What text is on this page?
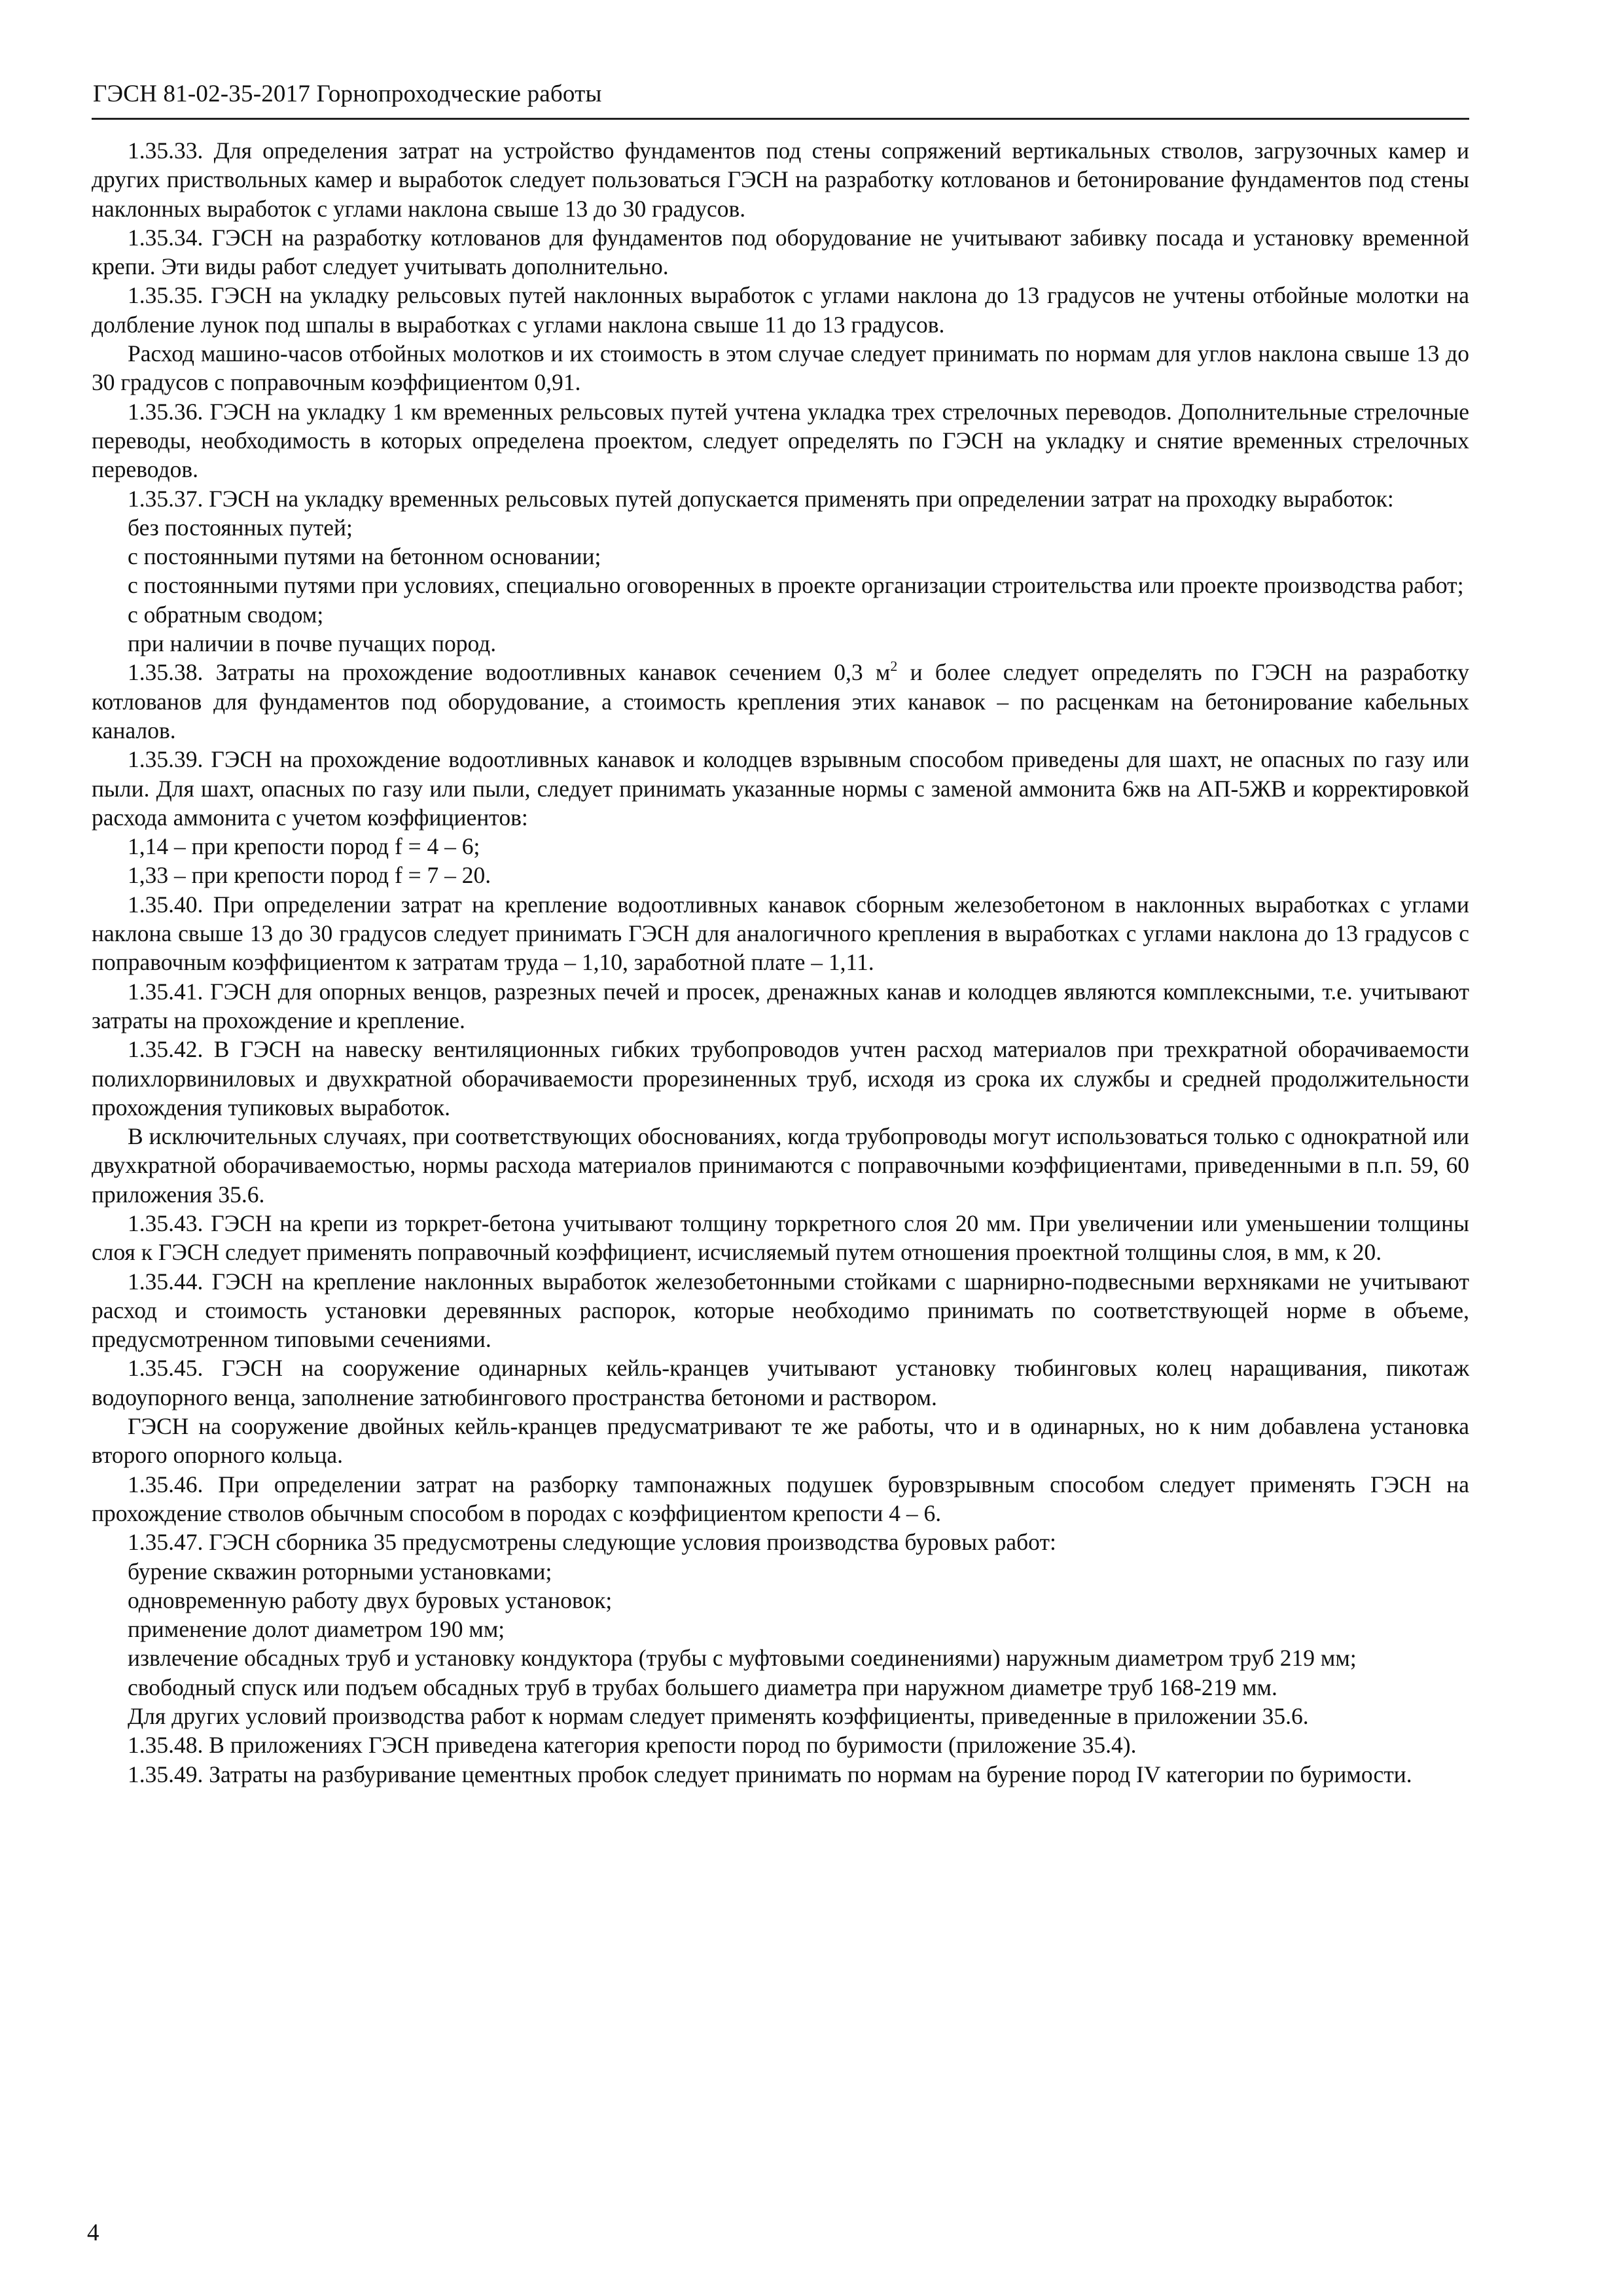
ГЭСН 81-02-35-2017 Горнопроходческие работы

1.35.33. Для определения затрат на устройство фундаментов под стены сопряжений вертикальных стволов, загрузочных камер и других приствольных камер и выработок следует пользоваться ГЭСН на разработку котлованов и бетонирование фундаментов под стены наклонных выработок с углами наклона свыше 13 до 30 градусов.

1.35.34. ГЭСН на разработку котлованов для фундаментов под оборудование не учитывают забивку посада и установку временной крепи. Эти виды работ следует учитывать дополнительно.

1.35.35. ГЭСН на укладку рельсовых путей наклонных выработок с углами наклона до 13 градусов не учтены отбойные молотки на долбление лунок под шпалы в выработках с углами наклона свыше 11 до 13 градусов.

Расход машино-часов отбойных молотков и их стоимость в этом случае следует принимать по нормам для углов наклона свыше 13 до 30 градусов с поправочным коэффициентом 0,91.

1.35.36. ГЭСН на укладку 1 км временных рельсовых путей учтена укладка трех стрелочных переводов. Дополнительные стрелочные переводы, необходимость в которых определена проектом, следует определять по ГЭСН на укладку и снятие временных стрелочных переводов.

1.35.37. ГЭСН на укладку временных рельсовых путей допускается применять при определении затрат на проходку выработок:

без постоянных путей;

с постоянными путями на бетонном основании;

с постоянными путями при условиях, специально оговоренных в проекте организации строительства или проекте производства работ;

с обратным сводом;

при наличии в почве пучащих пород.

1.35.38. Затраты на прохождение водоотливных канавок сечением 0,3 $м^2$ и более следует определять по ГЭСН на разработку котлованов для фундаментов под оборудование, а стоимость крепления этих канавок – по расценкам на бетонирование кабельных каналов.

1.35.39. ГЭСН на прохождение водоотливных канавок и колодцев взрывным способом приведены для шахт, не опасных по газу или пыли. Для шахт, опасных по газу или пыли, следует принимать указанные нормы с заменой аммонита 6жв на АП-5ЖВ и корректировкой расхода аммонита с учетом коэффициентов:

1,14 – при крепости пород f = 4 – 6;

1,33 – при крепости пород f = 7 – 20.

1.35.40. При определении затрат на крепление водоотливных канавок сборным железобетоном в наклонных выработках с углами наклона свыше 13 до 30 градусов следует принимать ГЭСН для аналогичного крепления в выработках с углами наклона до 13 градусов с поправочным коэффициентом к затратам труда – 1,10, заработной плате – 1,11.

1.35.41. ГЭСН для опорных венцов, разрезных печей и просек, дренажных канав и колодцев являются комплексными, т.е. учитывают затраты на прохождение и крепление.

1.35.42. В ГЭСН на навеску вентиляционных гибких трубопроводов учтен расход материалов при трехкратной оборачиваемости полихлорвиниловых и двухкратной оборачиваемости прорезиненных труб, исходя из срока их службы и средней продолжительности прохождения тупиковых выработок.

В исключительных случаях, при соответствующих обоснованиях, когда трубопроводы могут использоваться только с однократной или двухкратной оборачиваемостью, нормы расхода материалов принимаются с поправочными коэффициентами, приведенными в п.п. 59, 60 приложения 35.6.

1.35.43. ГЭСН на крепи из торкрет-бетона учитывают толщину торкретного слоя 20 мм. При увеличении или уменьшении толщины слоя к ГЭСН следует применять поправочный коэффициент, исчисляемый путем отношения проектной толщины слоя, в мм, к 20.

1.35.44. ГЭСН на крепление наклонных выработок железобетонными стойками с шарнирно-подвесными верхняками не учитывают расход и стоимость установки деревянных распорок, которые необходимо принимать по соответствующей норме в объеме, предусмотренном типовыми сечениями.

1.35.45. ГЭСН на сооружение одинарных кейль-кранцев учитывают установку тюбинговых колец наращивания, пикотаж водоупорного венца, заполнение затюбингового пространства бетономи и раствором.

ГЭСН на сооружение двойных кейль-кранцев предусматривают те же работы, что и в одинарных, но к ним добавлена установка второго опорного кольца.

1.35.46. При определении затрат на разборку тампонажных подушек буровзрывным способом следует применять ГЭСН на прохождение стволов обычным способом в породах с коэффициентом крепости 4 – 6.

1.35.47. ГЭСН сборника 35 предусмотрены следующие условия производства буровых работ:

бурение скважин роторными установками;

одновременную работу двух буровых установок;

применение долот диаметром 190 мм;

извлечение обсадных труб и установку кондуктора (трубы с муфтовыми соединениями) наружным диаметром труб 219 мм;

свободный спуск или подъем обсадных труб в трубах большего диаметра при наружном диаметре труб 168-219 мм.

Для других условий производства работ к нормам следует применять коэффициенты, приведенные в приложении 35.6.

1.35.48. В приложениях ГЭСН приведена категория крепости пород по буримости (приложение 35.4).

1.35.49. Затраты на разбуривание цементных пробок следует принимать по нормам на бурение пород IV категории по буримости.

4
